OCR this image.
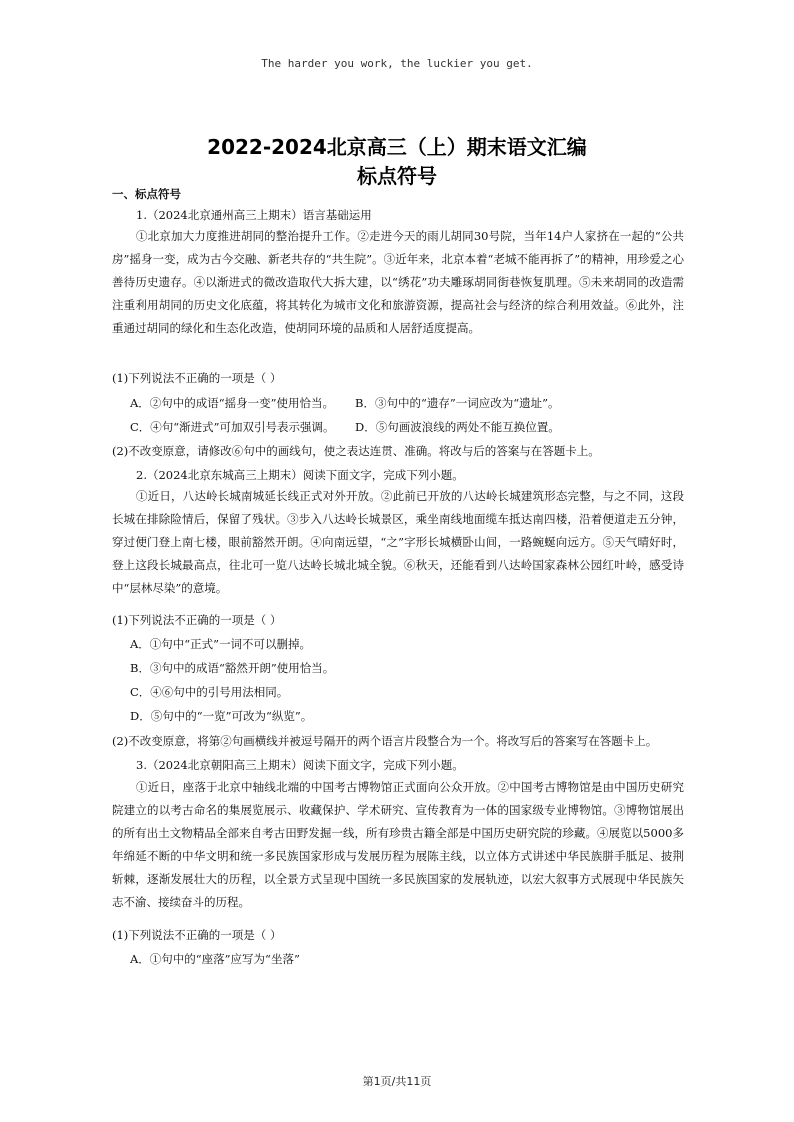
The harder you work, the luckier you get.
2022-2024北京高三（上）期末语文汇编
标点符号
一、标点符号
1.（2024北京通州高三上期末）语言基础运用
①北京加大力度推进胡同的整治提升工作。②走进今天的雨儿胡同30号院，当年14户人家挤在一起的“公共房”摇身一变，成为古今交融、新老共存的“共生院”。③近年来，北京本着“老城不能再拆了”的精神，用珍爱之心善待历史遗存。④以渐进式的微改造取代大拆大建，以“绣花”功夫雕琢胡同街巷恢复肌理。⑤未来胡同的改造需注重利用胡同的历史文化底蕴，将其转化为城市文化和旅游资源，提高社会与经济的综合利用效益。⑥此外，注重通过胡同的绿化和生态化改造，使胡同环境的品质和人居舒适度提高。
(1)下列说法不正确的一项是（ ）
A．②句中的成语“摇身一变”使用恰当。 B．③句中的“遗存”一词应改为“遗址”。
C．④句“渐进式”可加双引号表示强调。 D．⑤句画波浪线的两处不能互换位置。
(2)不改变原意，请修改⑥句中的画线句，使之表达连贯、准确。将改与后的答案与在答题卡上。
2.（2024北京东城高三上期末）阅读下面文字，完成下列小题。
①近日，八达岭长城南城延长线正式对外开放。②此前已开放的八达岭长城建筑形态完整，与之不同，这段长城在排除险情后，保留了残状。③步入八达岭长城景区，乘坐南线地面缆车抵达南四楼，沿着便道走五分钟，穿过便门登上南七楼，眼前豁然开朗。④向南远望，“之”字形长城横卧山间，一路蜿蜒向远方。⑤天气晴好时，登上这段长城最高点，往北可一览八达岭长城北城全貌。⑥秋天，还能看到八达岭国家森林公园红叶岭，感受诗中“层林尽染”的意境。
(1)下列说法不正确的一项是（ ）
A．①句中“正式”一词不可以删掉。
B．③句中的成语“豁然开朗”使用恰当。
C．④⑥句中的引号用法相同。
D．⑤句中的“一览”可改为“纵览”。
(2)不改变原意，将第②句画横线并被逗号隔开的两个语言片段整合为一个。将改写后的答案写在答题卡上。
3.（2024北京朝阳高三上期末）阅读下面文字，完成下列小题。
①近日，座落于北京中轴线北端的中国考古博物馆正式面向公众开放。②中国考古博物馆是由中国历史研究院建立的以考古命名的集展览展示、收藏保护、学术研究、宣传教育为一体的国家级专业博物馆。③博物馆展出的所有出土文物精品全部来自考古田野发掘一线，所有珍贵古籍全部是中国历史研究院的珍藏。④展览以5000多年绵延不断的中华文明和统一多民族国家形成与发展历程为展陈主线，以立体方式讲述中华民族胼手胝足、披荆斩棘，逐渐发展壮大的历程，以全景方式呈现中国统一多民族国家的发展轨迹，以宏大叙事方式展现中华民族矢志不渝、接续奋斗的历程。
(1)下列说法不正确的一项是（ ）
A．①句中的“座落”应写为“坐落”
第1页/共11页
